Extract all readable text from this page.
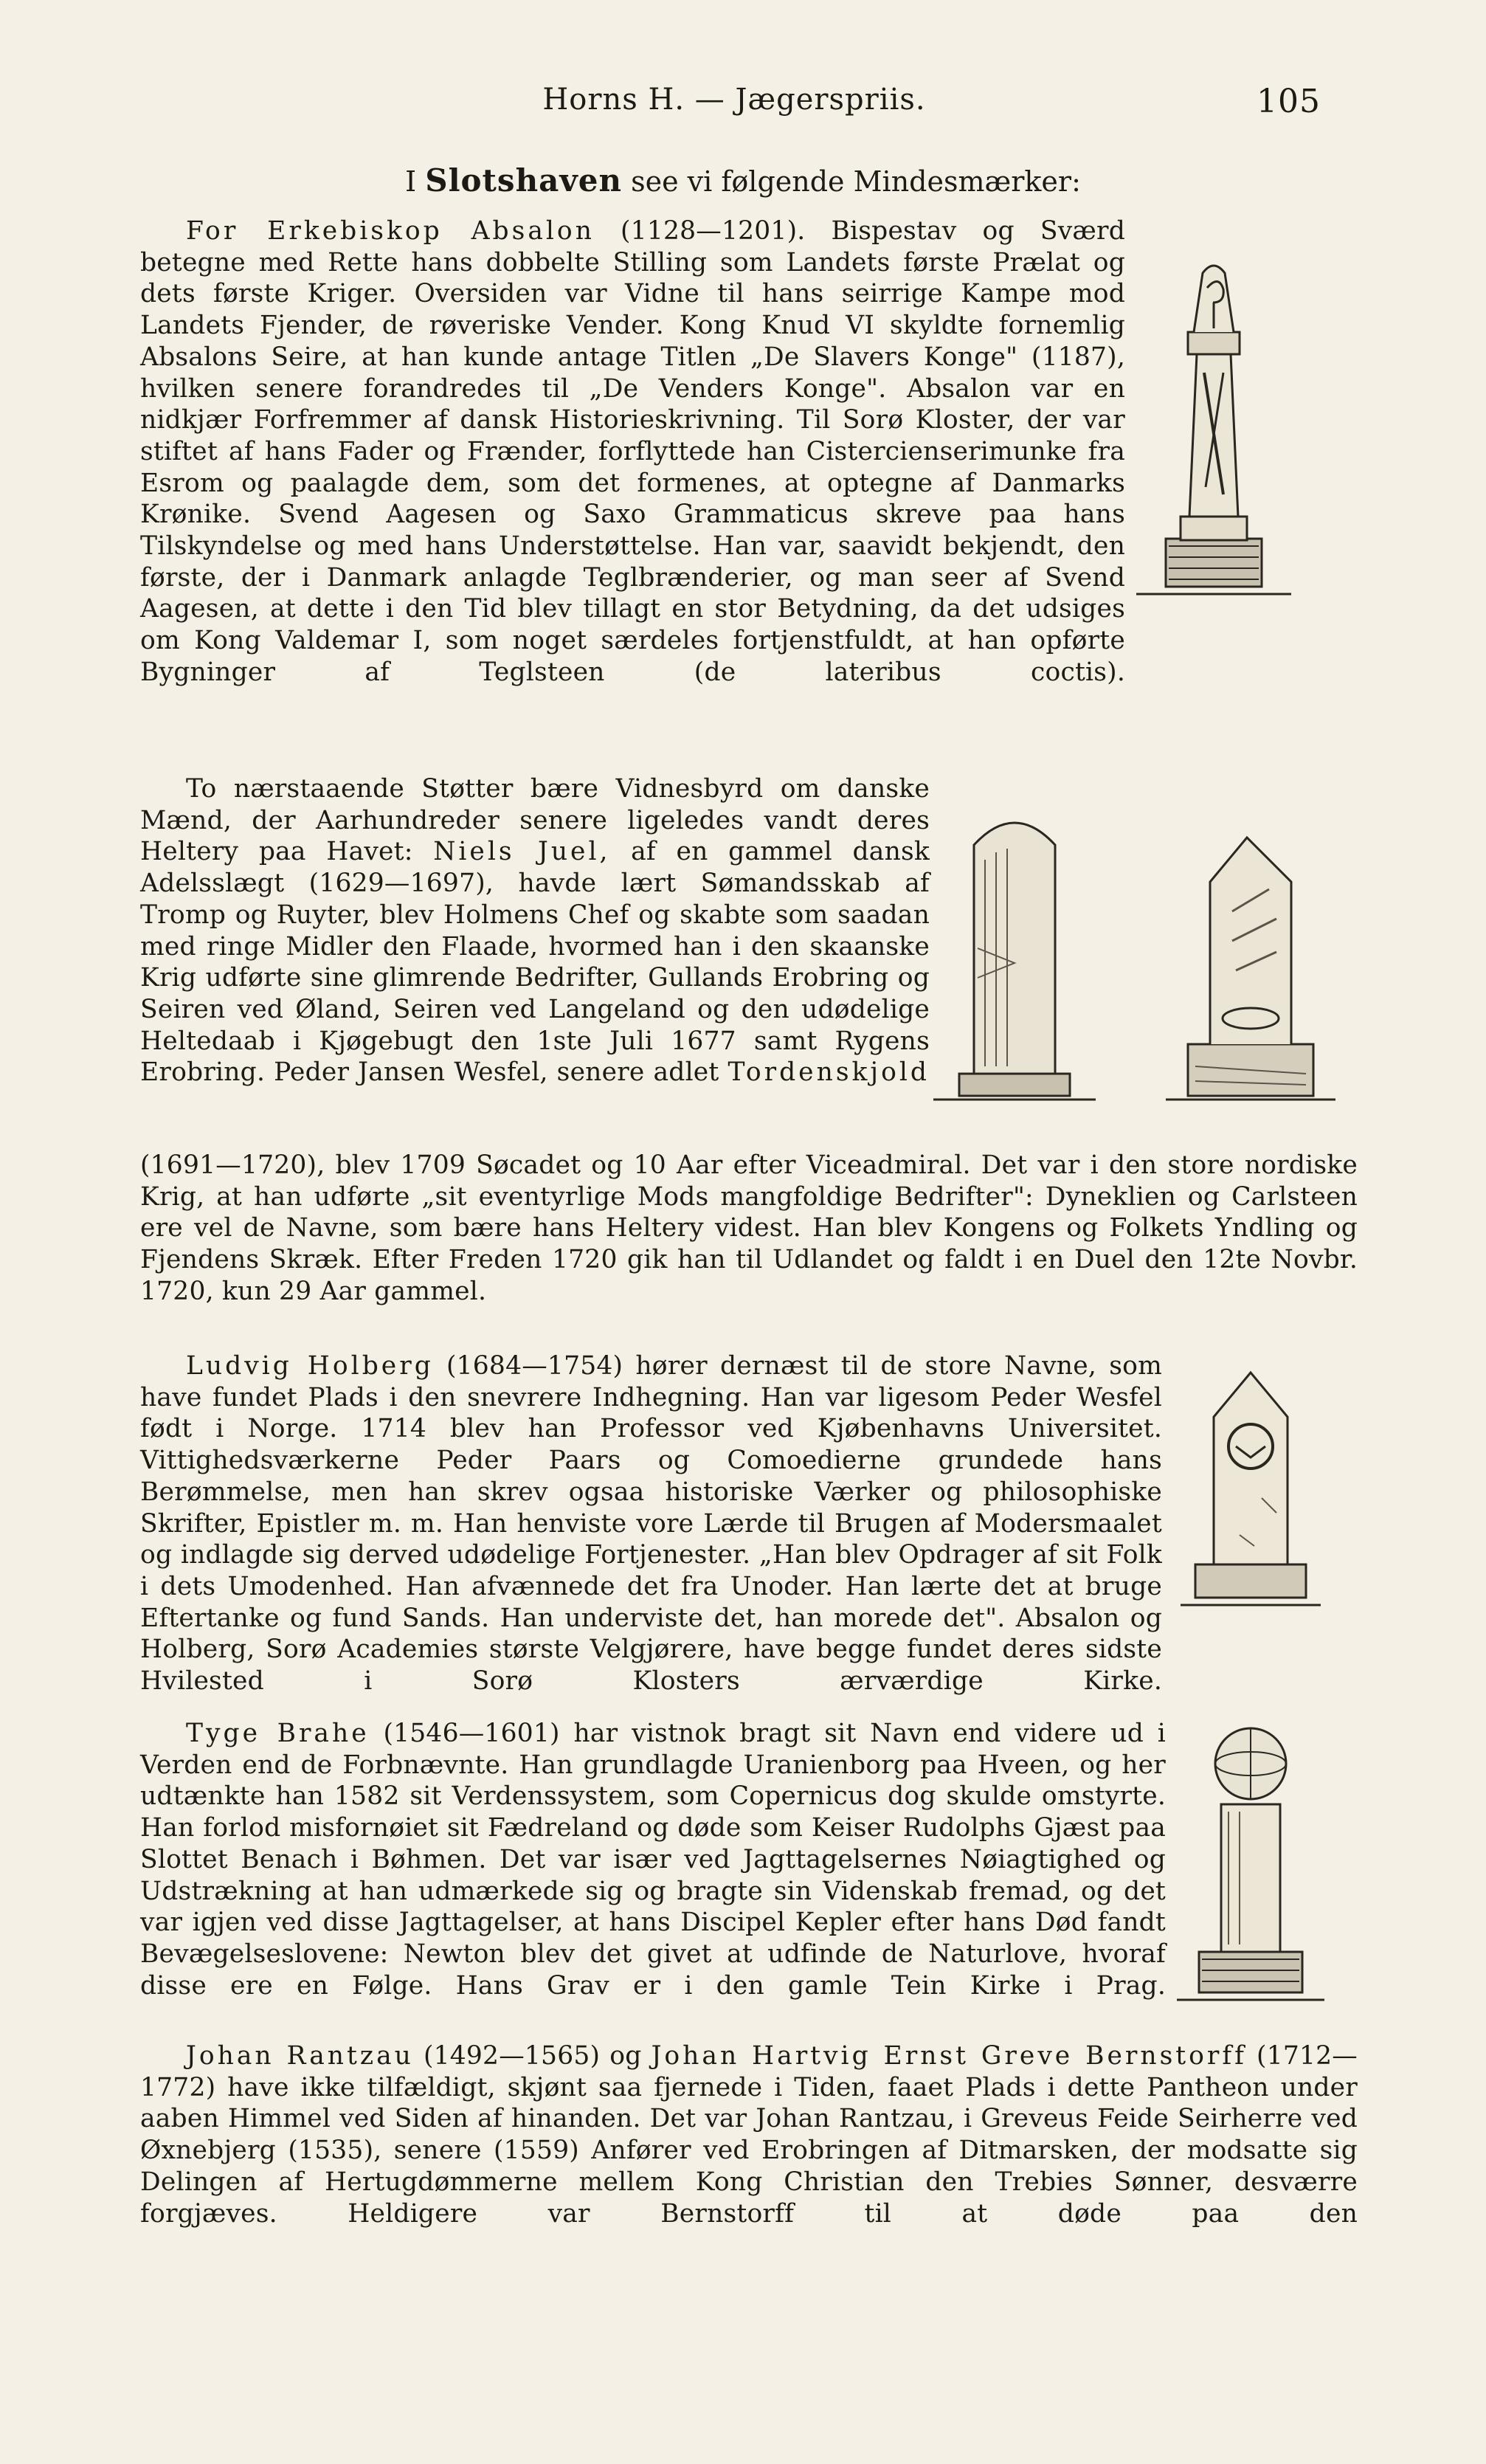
Horns H. — Jægerspriis.	105
I Slotshaven see vi følgende Mindesmærker:

For Erkebiskop Absalon (1128—1201). Bispestav og Sværd betegne med Rette hans dobbelte Stilling som Landets første Prælat og dets første Kriger. Oversiden var Vidne til hans seirrige Kampe mod Landets Fjender, de røveriske Vender. Kong Knud VI skyldte fornemlig Absalons Seire, at han kunde antage Titlen „De Slavers Konge" (1187), hvilken senere forandredes til „De Venders Konge". Absalon var en nidkjær Forfremmer af dansk Historieskrivning. Til Sorø Kloster, der var stiftet af hans Fader og Frænder, forflyttede han Cistercienserimunke fra Esrom og paalagde dem, som det formenes, at optegne af Danmarks Krønike. Svend Aagesen og Saxo Grammaticus skreve paa hans Tilskyndelse og med hans Understøttelse. Han var, saavidt bekjendt, den første, der i Danmark anlagde Teglbrænderier, og man seer af Svend Aagesen, at dette i den Tid blev tillagt en stor Betydning, da det udsiges om Kong Valdemar I, som noget særdeles fortjenstfuldt, at han opførte Bygninger af Teglsteen (de lateribus coctis).

To nærstaaende Støtter bære Vidnesbyrd om danske Mænd, der Aarhundreder senere ligeledes vandt deres Heltery paa Havet: Niels Juel, af en gammel dansk Adelsslægt (1629—1697), havde lært Sømandsskab af Tromp og Ruyter, blev Holmens Chef og skabte som saadan med ringe Midler den Flaade, hvormed han i den skaanske Krig udførte sine glimrende Bedrifter, Gullands Erobring og Seiren ved Øland, Seiren ved Langeland og den udødelige Heltedaab i Kjøgebugt den 1ste Juli 1677 samt Rygens Erobring. Peder Jansen Wesfel, senere adlet Tordenskjold

(1691—1720), blev 1709 Søcadet og 10 Aar efter Viceadmiral. Det var i den store nordiske Krig, at han udførte „sit eventyrlige Mods mangfoldige Bedrifter": Dyneklien og Carlsteen ere vel de Navne, som bære hans Heltery videst. Han blev Kongens og Folkets Yndling og Fjendens Skræk. Efter Freden 1720 gik han til Udlandet og faldt i en Duel den 12te Novbr. 1720, kun 29 Aar gammel.

Ludvig Holberg (1684—1754) hører dernæst til de store Navne, som have fundet Plads i den snevrere Indhegning. Han var ligesom Peder Wesfel født i Norge. 1714 blev han Professor ved Kjøbenhavns Universitet. Vittighedsværkerne Peder Paars og Comoedierne grundede hans Berømmelse, men han skrev ogsaa historiske Værker og philosophiske Skrifter, Epistler m. m. Han henviste vore Lærde til Brugen af Modersmaalet og indlagde sig derved udødelige Fortjenester. „Han blev Opdrager af sit Folk i dets Umodenhed. Han afvænnede det fra Unoder. Han lærte det at bruge Eftertanke og fund Sands. Han underviste det, han morede det". Absalon og Holberg, Sorø Academies største Velgjørere, have begge fundet deres sidste Hvilested i Sorø Klosters ærværdige Kirke.

Tyge Brahe (1546—1601) har vistnok bragt sit Navn end videre ud i Verden end de Forbnævnte. Han grundlagde Uranienborg paa Hveen, og her udtænkte han 1582 sit Verdenssystem, som Copernicus dog skulde omstyrte. Han forlod misfornøiet sit Fædreland og døde som Keiser Rudolphs Gjæst paa Slottet Benach i Bøhmen. Det var især ved Jagttagelsernes Nøiagtighed og Udstrækning at han udmærkede sig og bragte sin Videnskab fremad, og det var igjen ved disse Jagttagelser, at hans Discipel Kepler efter hans Død fandt Bevægelseslovene: Newton blev det givet at udfinde de Naturlove, hvoraf disse ere en Følge. Hans Grav er i den gamle Tein Kirke i Prag.

Johan Rantzau (1492—1565) og Johan Hartvig Ernst Greve Bernstorff (1712—1772) have ikke tilfældigt, skjønt saa fjernede i Tiden, faaet Plads i dette Pantheon under aaben Himmel ved Siden af hinanden. Det var Johan Rantzau, i Greveus Feide Seirherre ved Øxnebjerg (1535), senere (1559) Anfører ved Erobringen af Ditmarsken, der modsatte sig Delingen af Hertugdømmerne mellem Kong Christian den Trebies Sønner, desværre forgjæves. Heldigere var Bernstorff til at døde paa den
